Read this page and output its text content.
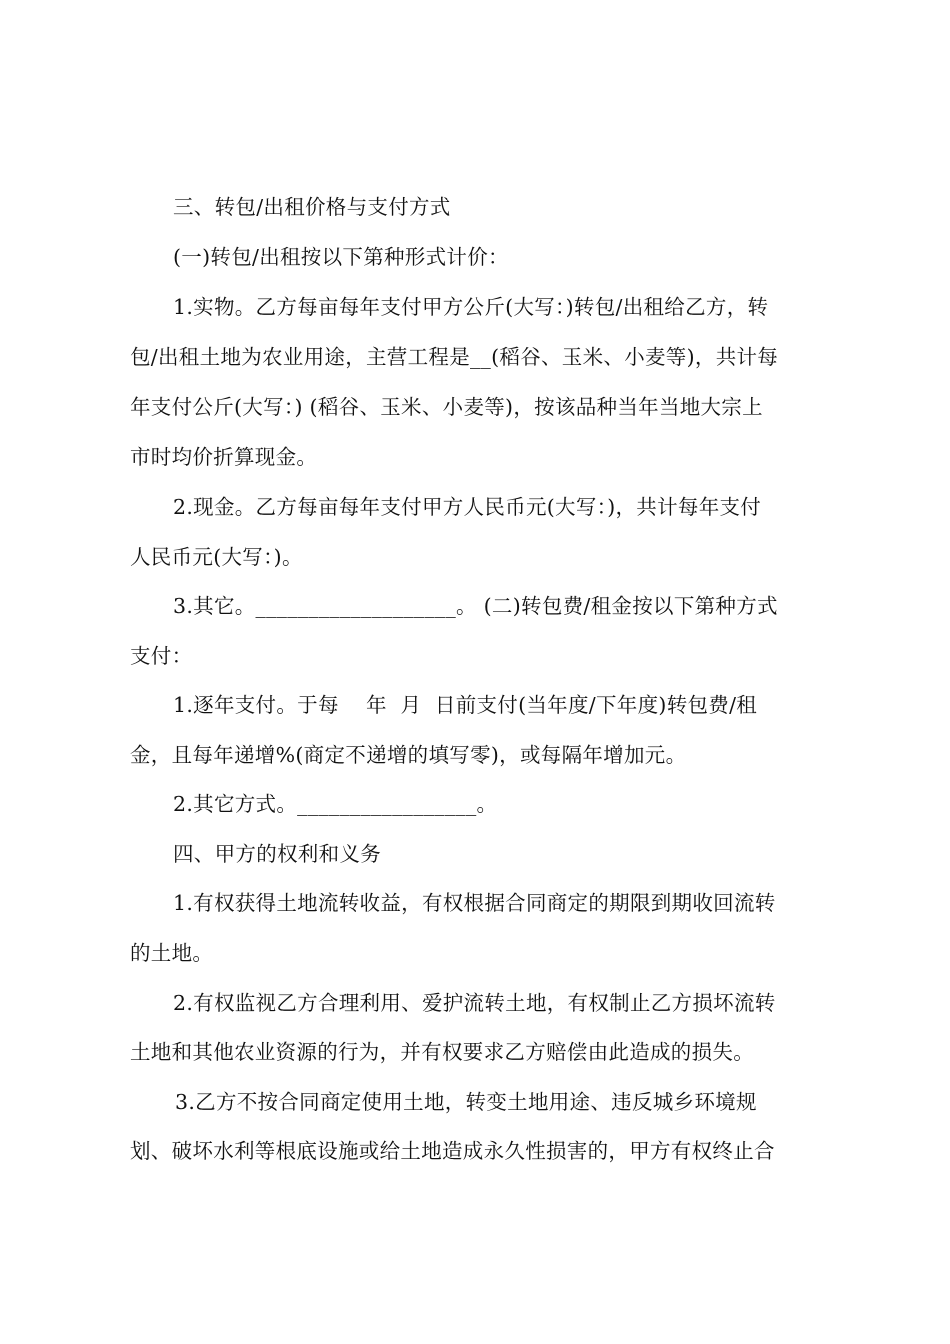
三、转包/出租价格与支付方式
(一)转包/出租按以下第种形式计价：
1.实物。乙方每亩每年支付甲方公斤(大写：)转包/出租给乙方，转
包/出租土地为农业用途，主营工程是__(稻谷、玉米、小麦等)，共计每
年支付公斤(大写：) (稻谷、玉米、小麦等)，按该品种当年当地大宗上
市时均价折算现金。
2.现金。乙方每亩每年支付甲方人民币元(大写：)，共计每年支付
人民币元(大写：)。
3.其它。___________________。 (二)转包费/租金按以下第种方式
支付：
1.逐年支付。于每    年  月  日前支付(当年度/下年度)转包费/租
金，且每年递增%(商定不递增的填写零)，或每隔年增加元。
2.其它方式。_________________。
四、甲方的权利和义务
1.有权获得土地流转收益，有权根据合同商定的期限到期收回流转
的土地。
2.有权监视乙方合理利用、爱护流转土地，有权制止乙方损坏流转
土地和其他农业资源的行为，并有权要求乙方赔偿由此造成的损失。
3.乙方不按合同商定使用土地，转变土地用途、违反城乡环境规
划、破坏水利等根底设施或给土地造成永久性损害的，甲方有权终止合
